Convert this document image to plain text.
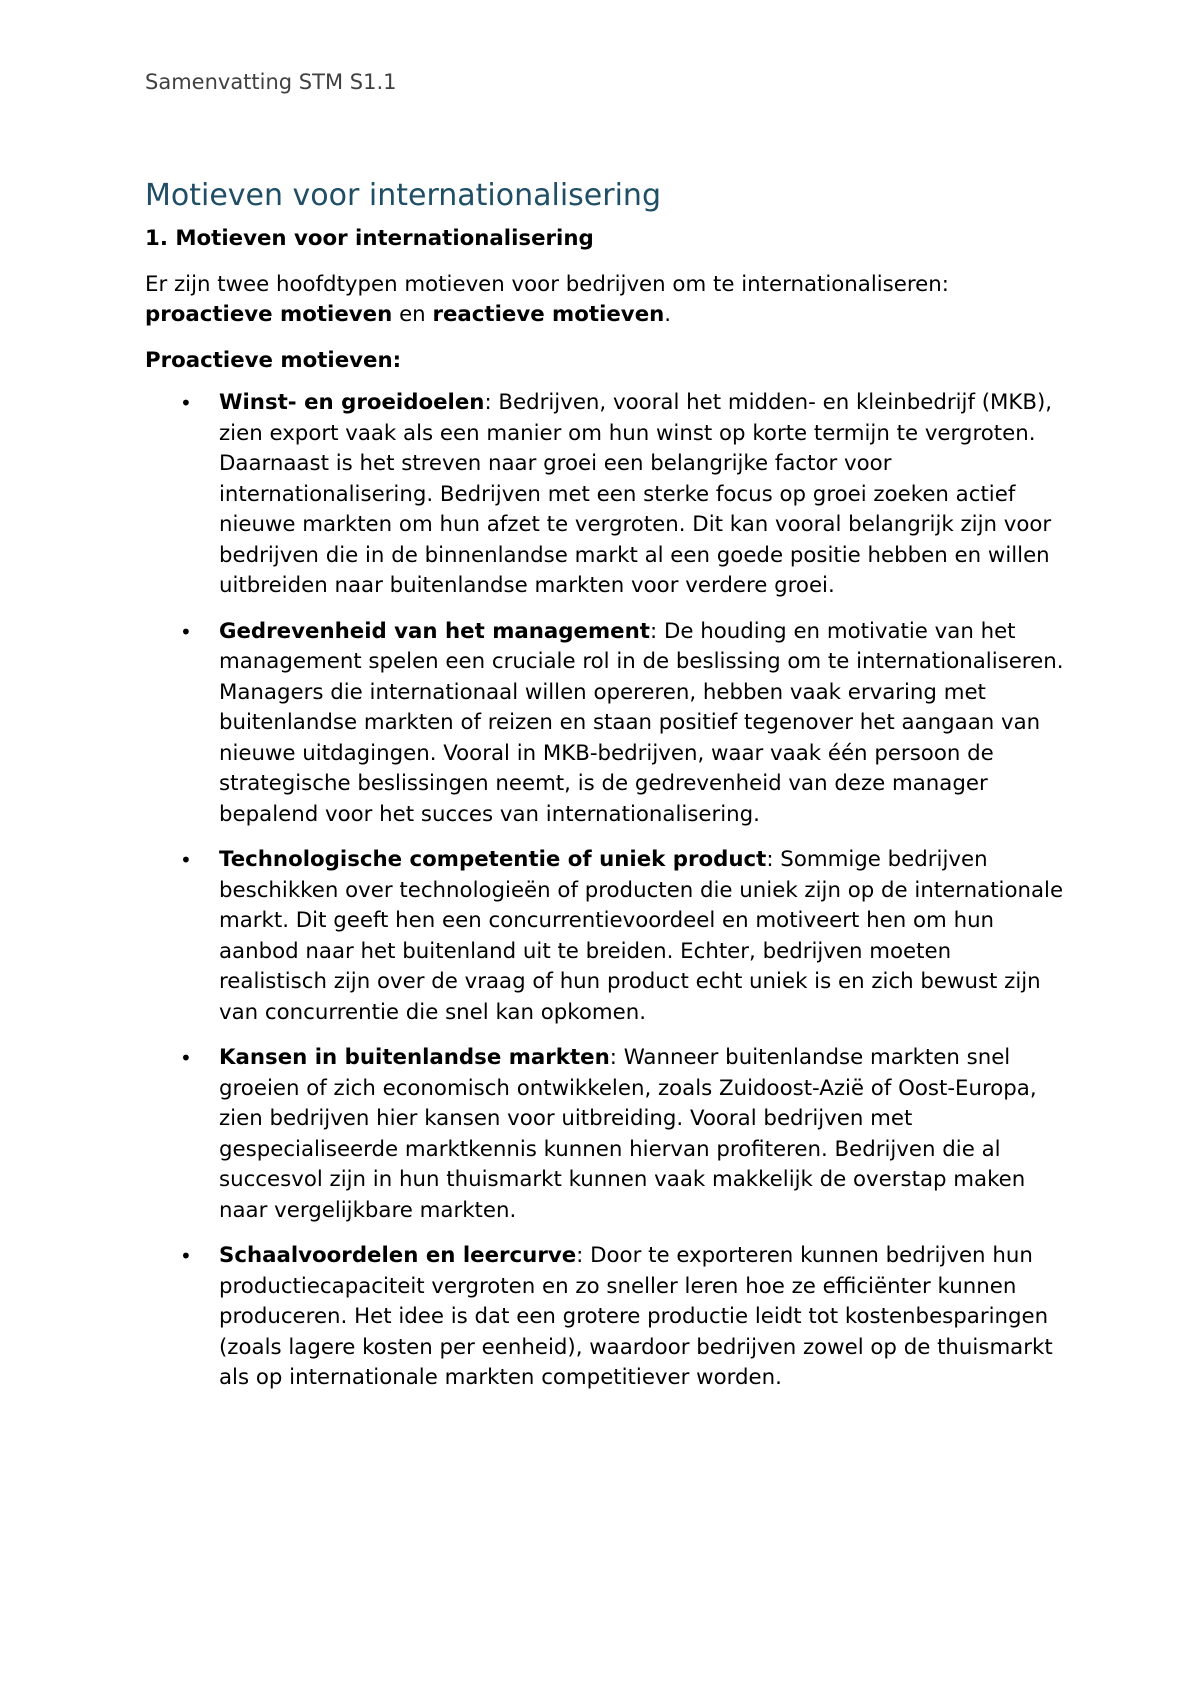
Samenvatting STM S1.1
Motieven voor internationalisering
1. Motieven voor internationalisering

Er zijn twee hoofdtypen motieven voor bedrijven om te internationaliseren: proactieve motieven en reactieve motieven.

Proactieve motieven:

• Winst- en groeidoelen: Bedrijven, vooral het midden- en kleinbedrijf (MKB), zien export vaak als een manier om hun winst op korte termijn te vergroten. Daarnaast is het streven naar groei een belangrijke factor voor internationalisering. Bedrijven met een sterke focus op groei zoeken actief nieuwe markten om hun afzet te vergroten. Dit kan vooral belangrijk zijn voor bedrijven die in de binnenlandse markt al een goede positie hebben en willen uitbreiden naar buitenlandse markten voor verdere groei.
• Gedrevenheid van het management: De houding en motivatie van het management spelen een cruciale rol in de beslissing om te internationaliseren. Managers die internationaal willen opereren, hebben vaak ervaring met buitenlandse markten of reizen en staan positief tegenover het aangaan van nieuwe uitdagingen. Vooral in MKB-bedrijven, waar vaak één persoon de strategische beslissingen neemt, is de gedrevenheid van deze manager bepalend voor het succes van internationalisering.
• Technologische competentie of uniek product: Sommige bedrijven beschikken over technologieën of producten die uniek zijn op de internationale markt. Dit geeft hen een concurrentievoordeel en motiveert hen om hun aanbod naar het buitenland uit te breiden. Echter, bedrijven moeten realistisch zijn over de vraag of hun product echt uniek is en zich bewust zijn van concurrentie die snel kan opkomen.
• Kansen in buitenlandse markten: Wanneer buitenlandse markten snel groeien of zich economisch ontwikkelen, zoals Zuidoost-Azië of Oost-Europa, zien bedrijven hier kansen voor uitbreiding. Vooral bedrijven met gespecialiseerde marktkennis kunnen hiervan profiteren. Bedrijven die al succesvol zijn in hun thuismarkt kunnen vaak makkelijk de overstap maken naar vergelijkbare markten.
• Schaalvoordelen en leercurve: Door te exporteren kunnen bedrijven hun productiecapaciteit vergroten en zo sneller leren hoe ze efficiënter kunnen produceren. Het idee is dat een grotere productie leidt tot kostenbesparingen (zoals lagere kosten per eenheid), waardoor bedrijven zowel op de thuismarkt als op internationale markten competitiever worden.
